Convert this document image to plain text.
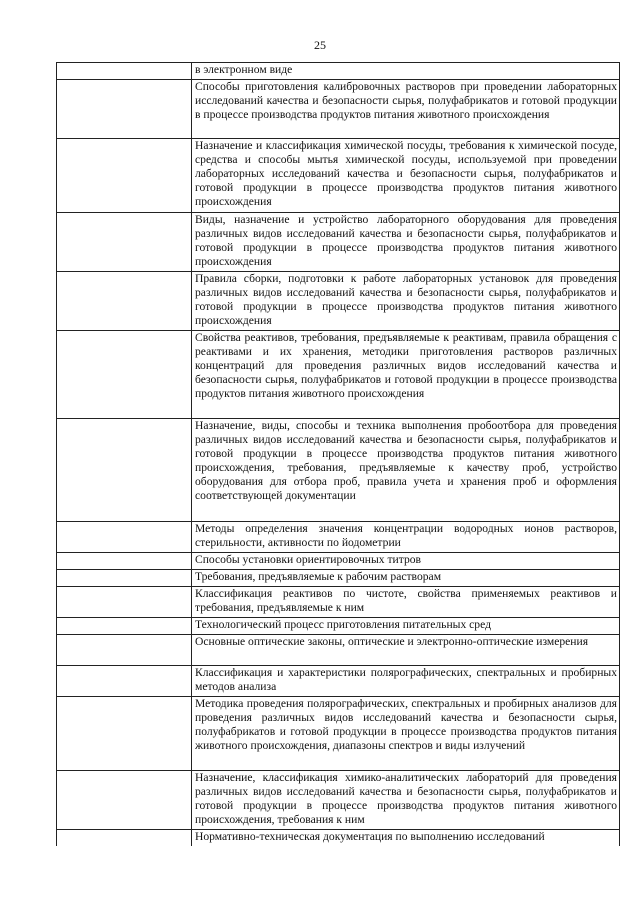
25
	в электронном виде
	Способы приготовления калибровочных растворов при проведении лабораторных исследований качества и безопасности сырья, полуфабрикатов и готовой продукции в процессе производства продуктов питания животного происхождения
	Назначение и классификация химической посуды, требования к химической посуде, средства и способы мытья химической посуды, используемой при проведении лабораторных исследований качества и безопасности сырья, полуфабрикатов и готовой продукции в процессе производства продуктов питания животного происхождения
	Виды, назначение и устройство лабораторного оборудования для проведения различных видов исследований качества и безопасности сырья, полуфабрикатов и готовой продукции в процессе производства продуктов питания животного происхождения
	Правила сборки, подготовки к работе лабораторных установок для проведения различных видов исследований качества и безопасности сырья, полуфабрикатов и готовой продукции в процессе производства продуктов питания животного происхождения
	Свойства реактивов, требования, предъявляемые к реактивам, правила обращения с реактивами и их хранения, методики приготовления растворов различных концентраций для проведения различных видов исследований качества и безопасности сырья, полуфабрикатов и готовой продукции в процессе производства продуктов питания животного происхождения
	Назначение, виды, способы и техника выполнения пробоотбора для проведения различных видов исследований качества и безопасности сырья, полуфабрикатов и готовой продукции в процессе производства продуктов питания животного происхождения, требования, предъявляемые к качеству проб, устройство оборудования для отбора проб, правила учета и хранения проб и оформления соответствующей документации
	Методы определения значения концентрации водородных ионов растворов, стерильности, активности по йодометрии
	Способы установки ориентировочных титров
	Требования, предъявляемые к рабочим растворам
	Классификация реактивов по чистоте, свойства применяемых реактивов и требования, предъявляемые к ним
	Технологический процесс приготовления питательных сред
	Основные оптические законы, оптические и электронно-оптические измерения
	Классификация и характеристики полярографических, спектральных и пробирных методов анализа
	Методика проведения полярографических, спектральных и пробирных анализов для проведения различных видов исследований качества и безопасности сырья, полуфабрикатов и готовой продукции в процессе производства продуктов питания животного происхождения, диапазоны спектров и виды излучений
	Назначение, классификация химико-аналитических лабораторий для проведения различных видов исследований качества и безопасности сырья, полуфабрикатов и готовой продукции в процессе производства продуктов питания животного происхождения, требования к ним
	Нормативно-техническая документация по выполнению исследований
